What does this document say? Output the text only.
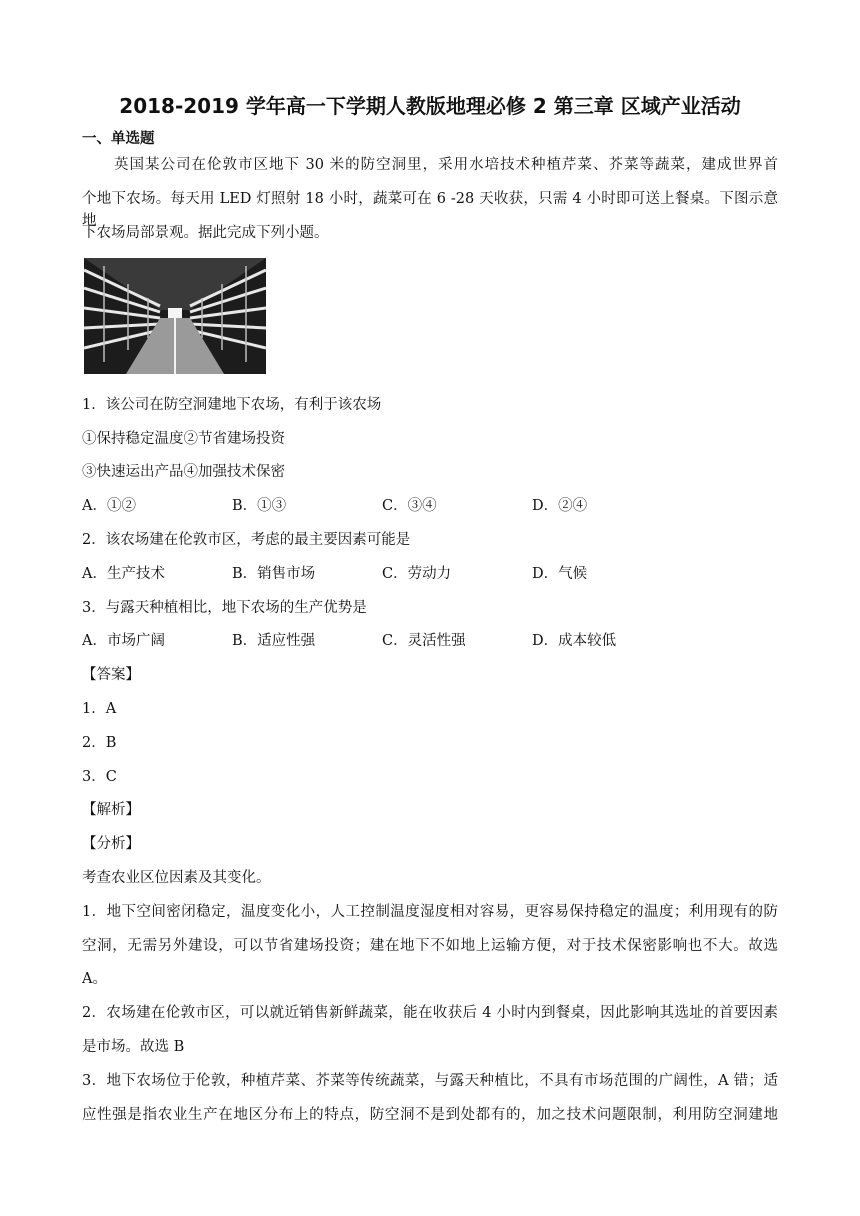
2018-2019 学年高一下学期人教版地理必修 2 第三章 区域产业活动
一、单选题
英国某公司在伦敦市区地下 30 米的防空洞里，采用水培技术种植芹菜、芥菜等蔬菜，建成世界首
个地下农场。每天用 LED 灯照射 18 小时，蔬菜可在 6 -28 天收获，只需 4 小时即可送上餐桌。下图示意地
下农场局部景观。据此完成下列小题。
1．该公司在防空洞建地下农场，有利于该农场
①保持稳定温度②节省建场投资
③快速运出产品④加强技术保密
A．①②	B．①③	C．③④	D．②④
2．该农场建在伦敦市区，考虑的最主要因素可能是
A．生产技术	B．销售市场	C．劳动力	D．气候
3．与露天种植相比，地下农场的生产优势是
A．市场广阔	B．适应性强	C．灵活性强	D．成本较低
【答案】
1．A
2．B
3．C
【解析】
【分析】
考查农业区位因素及其变化。
1．地下空间密闭稳定，温度变化小，人工控制温度湿度相对容易，更容易保持稳定的温度；利用现有的防
空洞，无需另外建设，可以节省建场投资；建在地下不如地上运输方便，对于技术保密影响也不大。故选
A。
2．农场建在伦敦市区，可以就近销售新鲜蔬菜，能在收获后 4 小时内到餐桌，因此影响其选址的首要因素
是市场。故选 B
3．地下农场位于伦敦，种植芹菜、芥菜等传统蔬菜，与露天种植比，不具有市场范围的广阔性，A 错；适
应性强是指农业生产在地区分布上的特点，防空洞不是到处都有的，加之技术问题限制，利用防空洞建地
